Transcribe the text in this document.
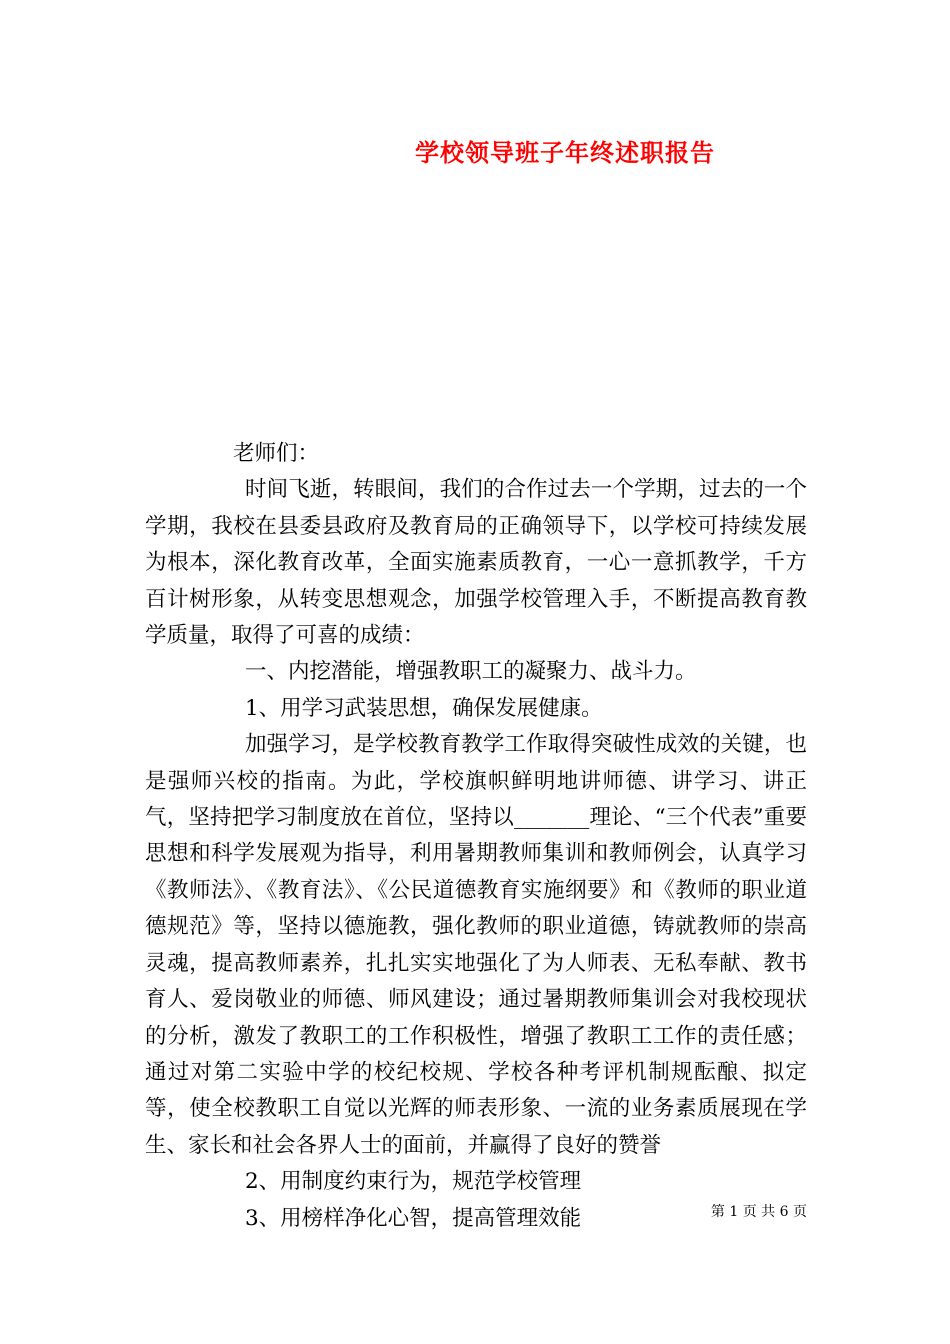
学校领导班子年终述职报告

老师们：

时间飞逝，转眼间，我们的合作过去一个学期，过去的一个学期，我校在县委县政府及教育局的正确领导下，以学校可持续发展为根本，深化教育改革，全面实施素质教育，一心一意抓教学，千方百计树形象，从转变思想观念，加强学校管理入手，不断提高教育教学质量，取得了可喜的成绩：

一、内挖潜能，增强教职工的凝聚力、战斗力。

1、用学习武装思想，确保发展健康。

加强学习，是学校教育教学工作取得突破性成效的关键，也是强师兴校的指南。为此，学校旗帜鲜明地讲师德、讲学习、讲正气，坚持把学习制度放在首位，坚持以_______理论、“三个代表”重要思想和科学发展观为指导，利用暑期教师集训和教师例会，认真学习《教师法》、《教育法》、《公民道德教育实施纲要》和《教师的职业道德规范》等，坚持以德施教，强化教师的职业道德，铸就教师的崇高灵魂，提高教师素养，扎扎实实地强化了为人师表、无私奉献、教书育人、爱岗敬业的师德、师风建设；通过暑期教师集训会对我校现状的分析，激发了教职工的工作积极性，增强了教职工工作的责任感；通过对第二实验中学的校纪校规、学校各种考评机制规酝酿、拟定等，使全校教职工自觉以光辉的师表形象、一流的业务素质展现在学生、家长和社会各界人士的面前，并赢得了良好的赞誉

2、用制度约束行为，规范学校管理

3、用榜样净化心智，提高管理效能	第 1 页 共 6 页
